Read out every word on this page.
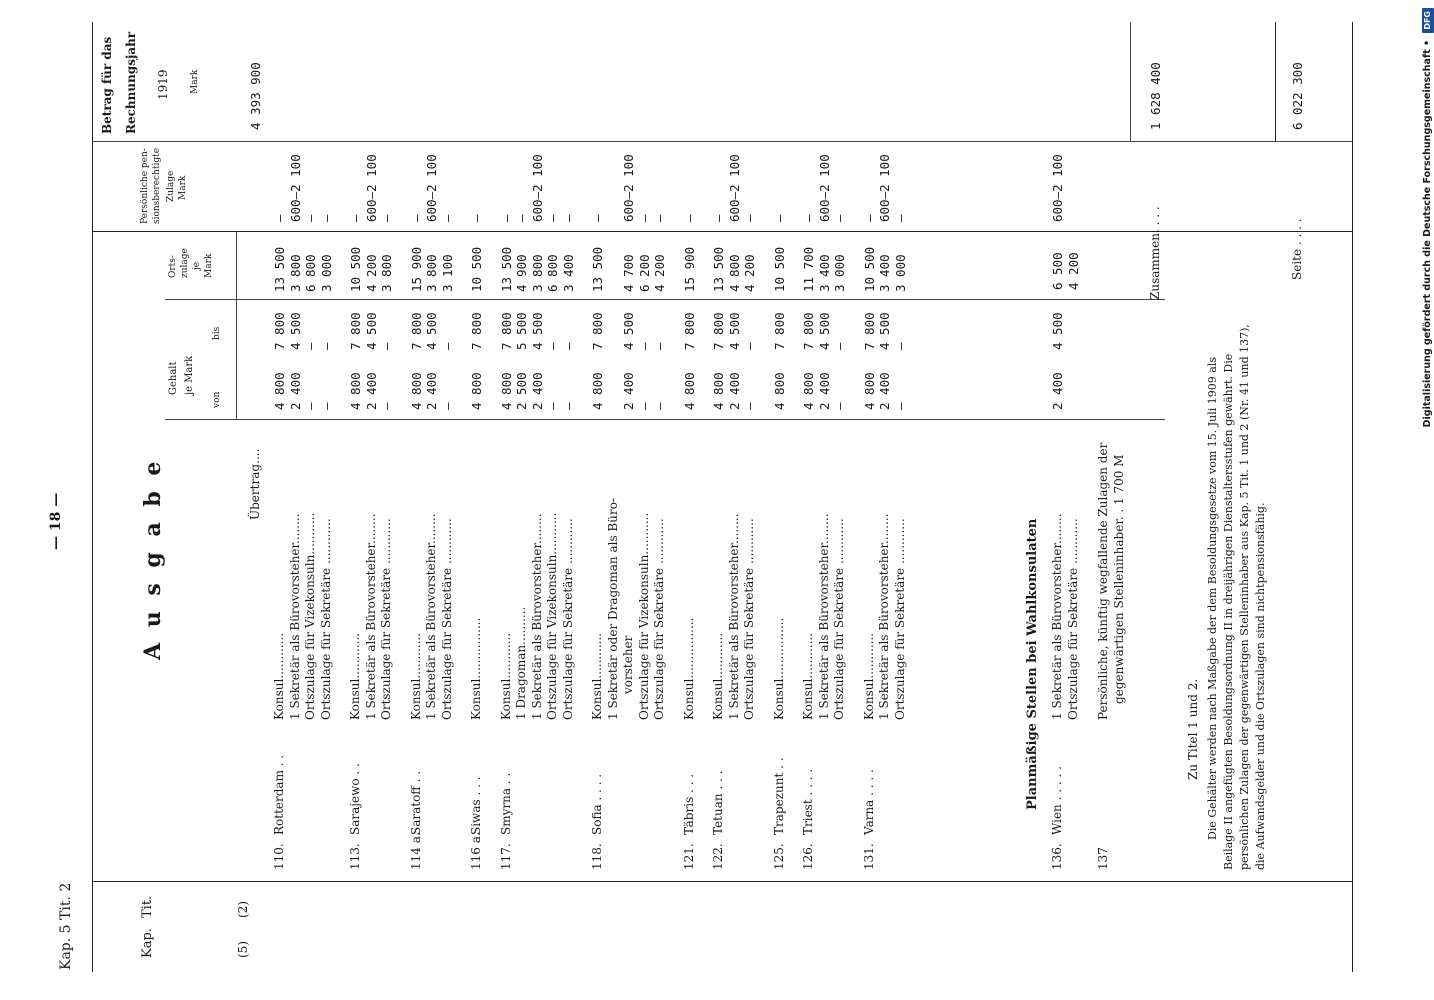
Kap. 5 Tit. 2
— 18 —
Kap.
Tit.
(5)
(2)
A u s g a b e
Gehalt je Mark
von
bis
Orts- zulage je Mark
Persönliche pen- sionsberechtigte Zulage Mark
Betrag für das Rechnungsjahr 1919 Mark
Übertrag....
4 393 900
110.
Rotterdam . .
Konsul............
4 800
7 800
13 500
—
1 Sekretär als Bürovorsteher........
2 400
4 500
3 800
600—2 100
Ortszulage für Vizekonsuln...........
—
—
6 800
—
Ortszulage für Sekretäre ............
—
—
3 000
—
113.
Sarajewo . .
Konsul............
4 800
7 800
10 500
—
1 Sekretär als Bürovorsteher........
2 400
4 500
4 200
600—2 100
Ortszulage für Sekretäre ............
—
—
3 800
—
114 a.
Saratoff . .
Konsul............
4 800
7 800
15 900
—
1 Sekretär als Bürovorsteher........
2 400
4 500
3 800
600—2 100
Ortszulage für Sekretäre ............
—
—
3 100
—
116 a.
Siwas . . .
Konsul................
4 800
7 800
10 500
—
117.
Smyrna . .
Konsul............
4 800
7 800
13 500
—
1 Dragoman..........
2 500
5 500
4 900
—
1 Sekretär als Bürovorsteher........
2 400
4 500
3 800
600—2 100
Ortszulage für Vizekonsuln...........
—
—
6 800
—
Ortszulage für Sekretäre ............
—
—
3 400
—
118.
Sofia . . . .
Konsul............
4 800
7 800
13 500
—
1 Sekretär oder Dragoman als Büro- vorsteher
2 400
4 500
4 700
600—2 100
Ortszulage für Vizekonsuln...........
—
—
6 200
—
Ortszulage für Sekretäre ............
—
—
4 200
—
121.
Täbris . . .
Konsul................
4 800
7 800
15 900
—
122.
Tetuan . . .
Konsul............
4 800
7 800
13 500
—
1 Sekretär als Bürovorsteher........
2 400
4 500
4 800
600—2 100
Ortszulage für Sekretäre ............
—
—
4 200
—
125.
Trapezunt . .
Konsul................
4 800
7 800
10 500
—
126.
Triest . . . .
Konsul............
4 800
7 800
11 700
—
1 Sekretär als Bürovorsteher........
2 400
4 500
3 400
600—2 100
Ortszulage für Sekretäre ............
—
—
3 000
—
131.
Varna . . . .
Konsul............
4 800
7 800
10 500
—
1 Sekretär als Bürovorsteher........
2 400
4 500
3 400
600—2 100
Ortszulage für Sekretäre ............
—
—
3 000
—
Planmäßige Stellen bei Wahlkonsulaten
136.
Wien . . . . .
1 Sekretär als Bürovorsteher........ Ortszulage für Sekretäre ............
2 400
4 500
6 500 4 200
600—2 100
137
Persönliche, künftig wegfallende Zulagen der gegenwärtigen Stelleninhaber. . 1 700 M
Zusammen. . . .
1 628 400
Seite . . . .
6 022 300
Zu Titel 1 und 2. Die Gehälter werden nach Maßgabe der dem Besoldungsgesetze vom 15. Juli 1909 als Beilage II angefügten Besoldungsordnung II in dreijährigen Dienstaltersstufen gewährt. Die persönlichen Zulagen der gegenwärtigen Stelleninhaber aus Kap. 5 Tit. 1 und 2 (Nr. 41 und 137), die Aufwandsgelder und die Ortszulagen sind nichtpensionsfähig.
Digitalisierung gefördert durch die Deutsche Forschungsgemeinschaft • DFG
